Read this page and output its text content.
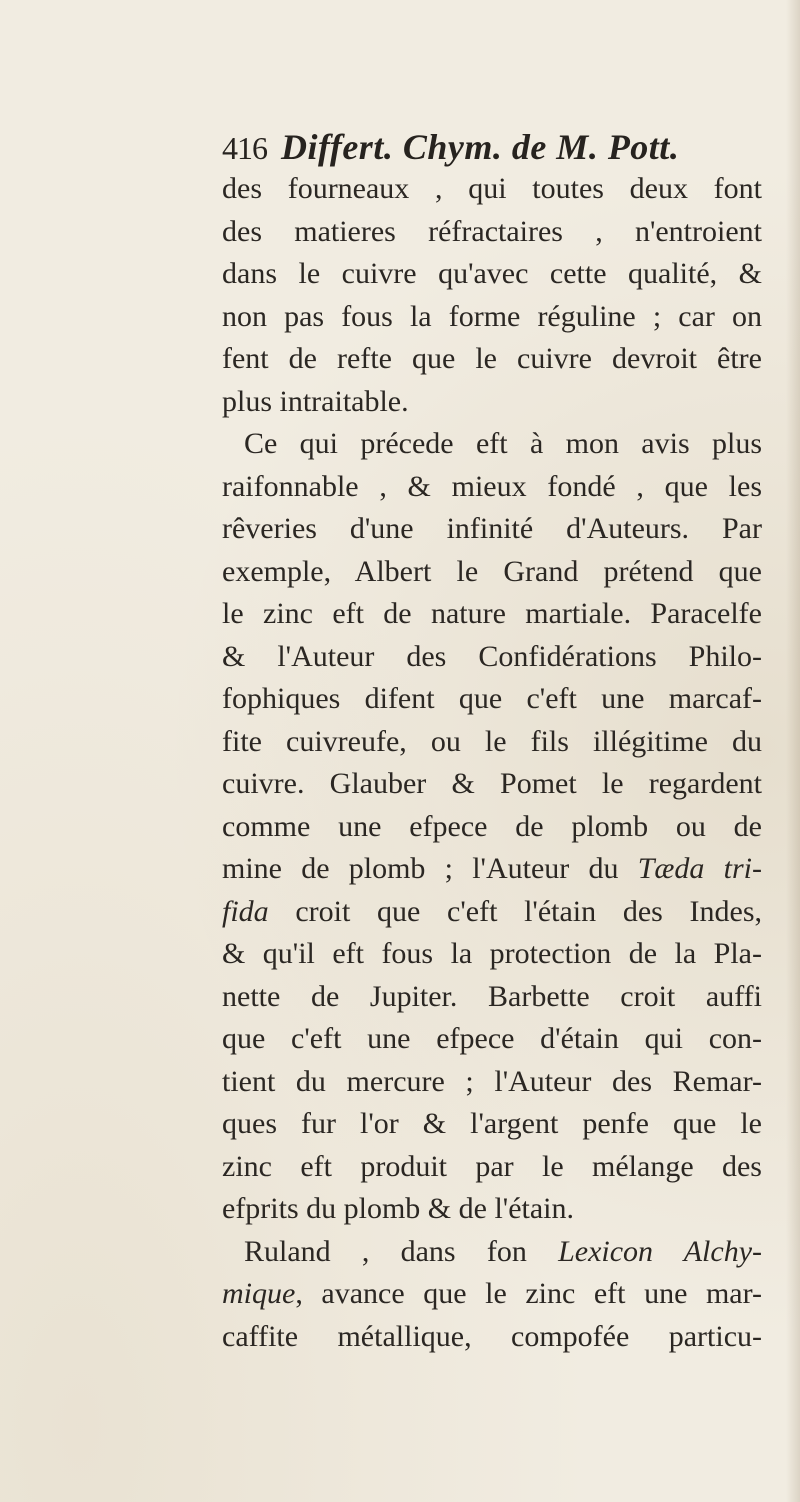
416 Differt. Chym. de M. Pott.
des fourneaux , qui toutes deux font
des matieres réfractaires , n'entroient
dans le cuivre qu'avec cette qualité, &
non pas fous la forme réguline ; car on
fent de refte que le cuivre devroit être
plus intraitable.
Ce qui précede eft à mon avis plus
raifonnable , & mieux fondé , que les
rêveries d'une infinité d'Auteurs. Par
exemple, Albert le Grand prétend que
le zinc eft de nature martiale. Paracelfe
& l'Auteur des Confidérations Philo-
fophiques difent que c'eft une marcaf-
fite cuivreufe, ou le fils illégitime du
cuivre. Glauber & Pomet le regardent
comme une efpece de plomb ou de
mine de plomb ; l'Auteur du Tæda tri-
fida croit que c'eft l'étain des Indes,
& qu'il eft fous la protection de la Pla-
nette de Jupiter. Barbette croit auffi
que c'eft une efpece d'étain qui con-
tient du mercure ; l'Auteur des Remar-
ques fur l'or & l'argent penfe que le
zinc eft produit par le mélange des
efprits du plomb & de l'étain.
Ruland , dans fon Lexicon Alchy-
mique, avance que le zinc eft une mar-
caffite métallique, compofée particu-
